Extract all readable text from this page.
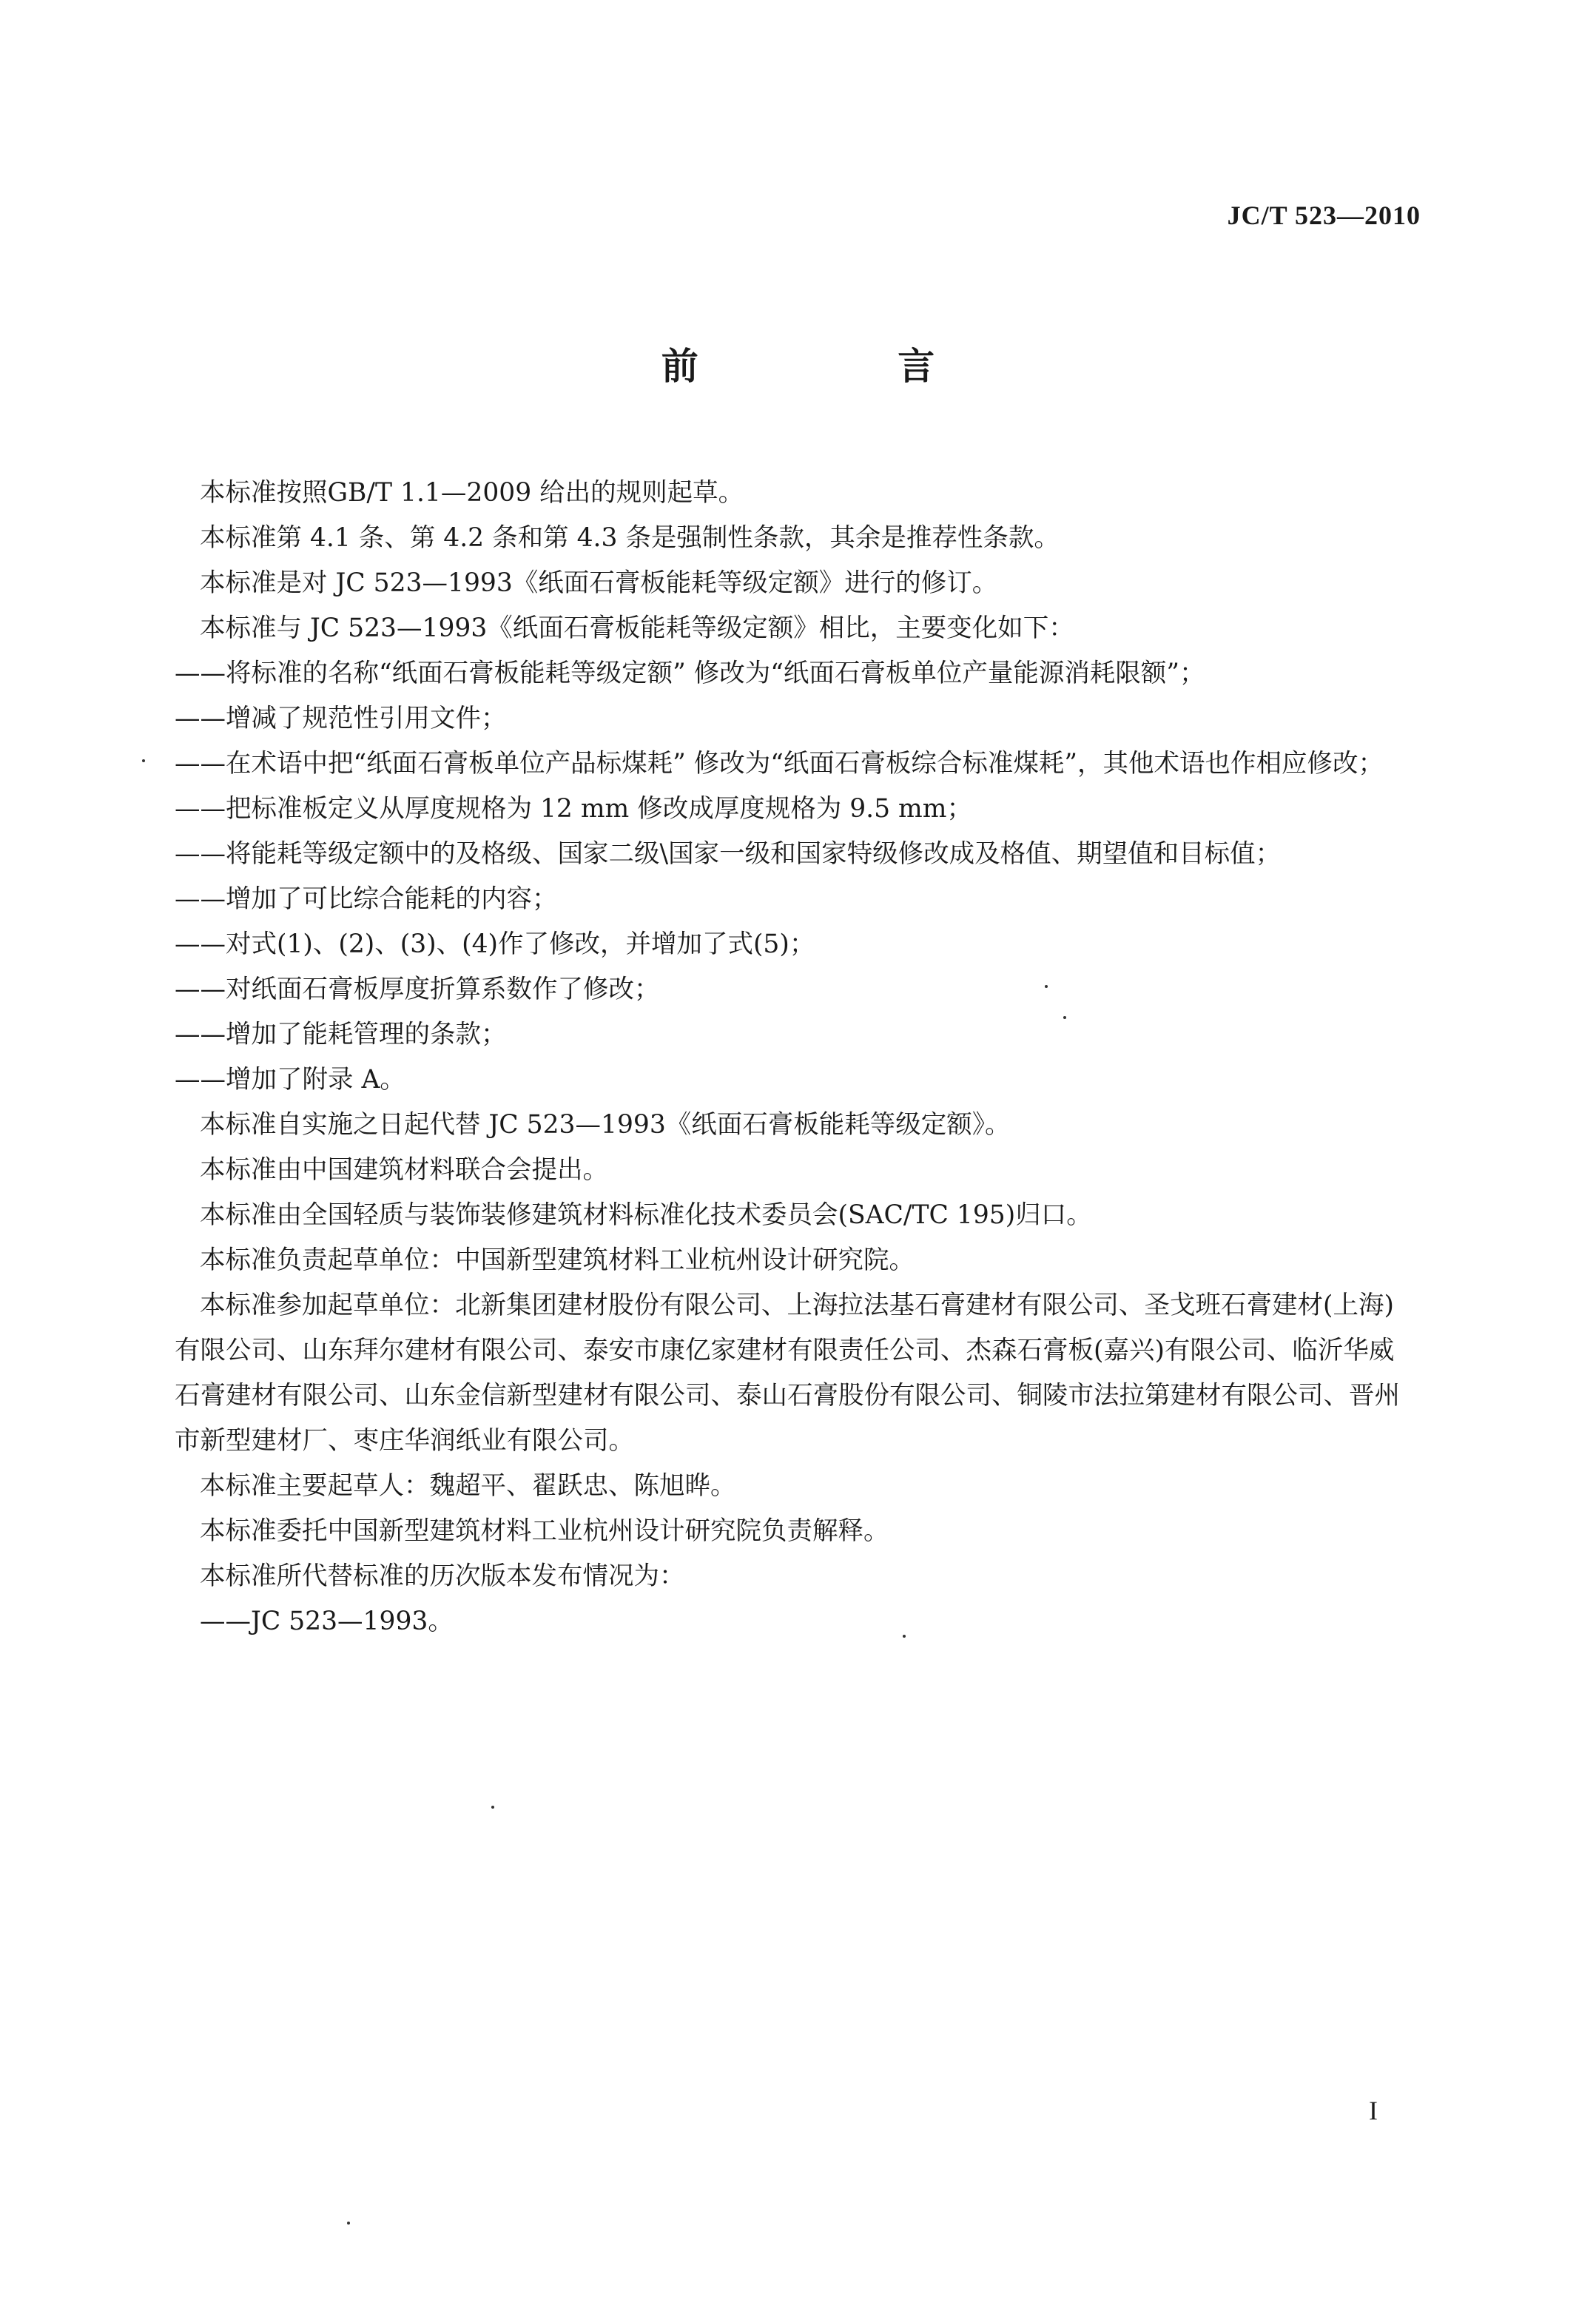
JC/T 523—2010
前 言

本标准按照GB/T 1.1—2009 给出的规则起草。

本标准第 4.1 条、第 4.2 条和第 4.3 条是强制性条款，其余是推荐性条款。

本标准是对 JC 523—1993《纸面石膏板能耗等级定额》进行的修订。

本标准与 JC 523—1993《纸面石膏板能耗等级定额》相比，主要变化如下：

——将标准的名称“纸面石膏板能耗等级定额” 修改为“纸面石膏板单位产量能源消耗限额”；

——增减了规范性引用文件；

——在术语中把“纸面石膏板单位产品标煤耗” 修改为“纸面石膏板综合标准煤耗”，其他术语也作相应修改；

——把标准板定义从厚度规格为 12 mm 修改成厚度规格为 9.5 mm；

——将能耗等级定额中的及格级、国家二级\国家一级和国家特级修改成及格值、期望值和目标值；

——增加了可比综合能耗的内容；

——对式(1)、(2)、(3)、(4)作了修改，并增加了式(5)；

——对纸面石膏板厚度折算系数作了修改；

——增加了能耗管理的条款；

——增加了附录 A。

本标准自实施之日起代替 JC 523—1993《纸面石膏板能耗等级定额》。

本标准由中国建筑材料联合会提出。

本标准由全国轻质与装饰装修建筑材料标准化技术委员会(SAC/TC 195)归口。

本标准负责起草单位：中国新型建筑材料工业杭州设计研究院。

本标准参加起草单位：北新集团建材股份有限公司、上海拉法基石膏建材有限公司、圣戈班石膏建材(上海)有限公司、山东拜尔建材有限公司、泰安市康亿家建材有限责任公司、杰森石膏板(嘉兴)有限公司、临沂华威石膏建材有限公司、山东金信新型建材有限公司、泰山石膏股份有限公司、铜陵市法拉第建材有限公司、晋州市新型建材厂、枣庄华润纸业有限公司。

本标准主要起草人：魏超平、翟跃忠、陈旭晔。

本标准委托中国新型建筑材料工业杭州设计研究院负责解释。

本标准所代替标准的历次版本发布情况为：

——JC 523—1993。

I
